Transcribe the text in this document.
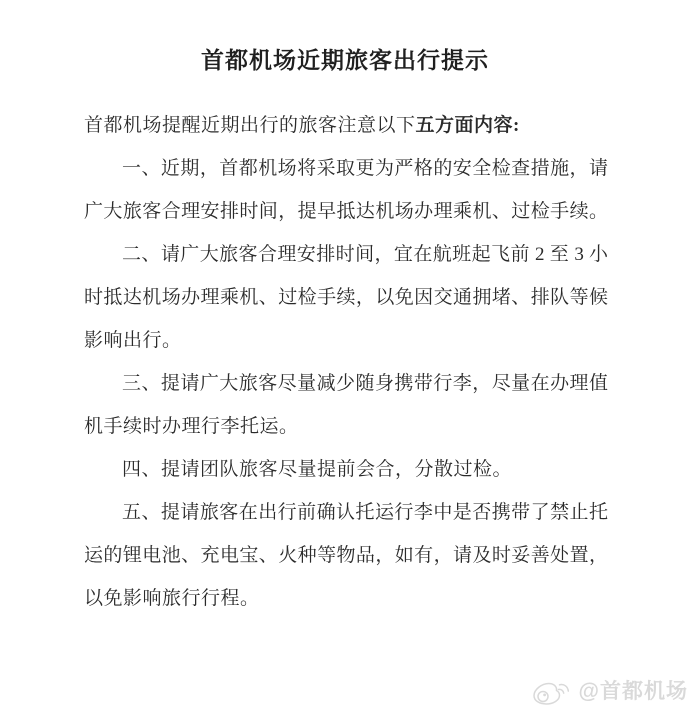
首都机场近期旅客出行提示
首都机场提醒近期出行的旅客注意以下五方面内容:
一、近期，首都机场将采取更为严格的安全检查措施，请
广大旅客合理安排时间，提早抵达机场办理乘机、过检手续。
二、请广大旅客合理安排时间，宜在航班起飞前 2 至 3 小
时抵达机场办理乘机、过检手续，以免因交通拥堵、排队等候
影响出行。
三、提请广大旅客尽量减少随身携带行李，尽量在办理值
机手续时办理行李托运。
四、提请团队旅客尽量提前会合，分散过检。
五、提请旅客在出行前确认托运行李中是否携带了禁止托
运的锂电池、充电宝、火种等物品，如有，请及时妥善处置，
以免影响旅行行程。
@首都机场
